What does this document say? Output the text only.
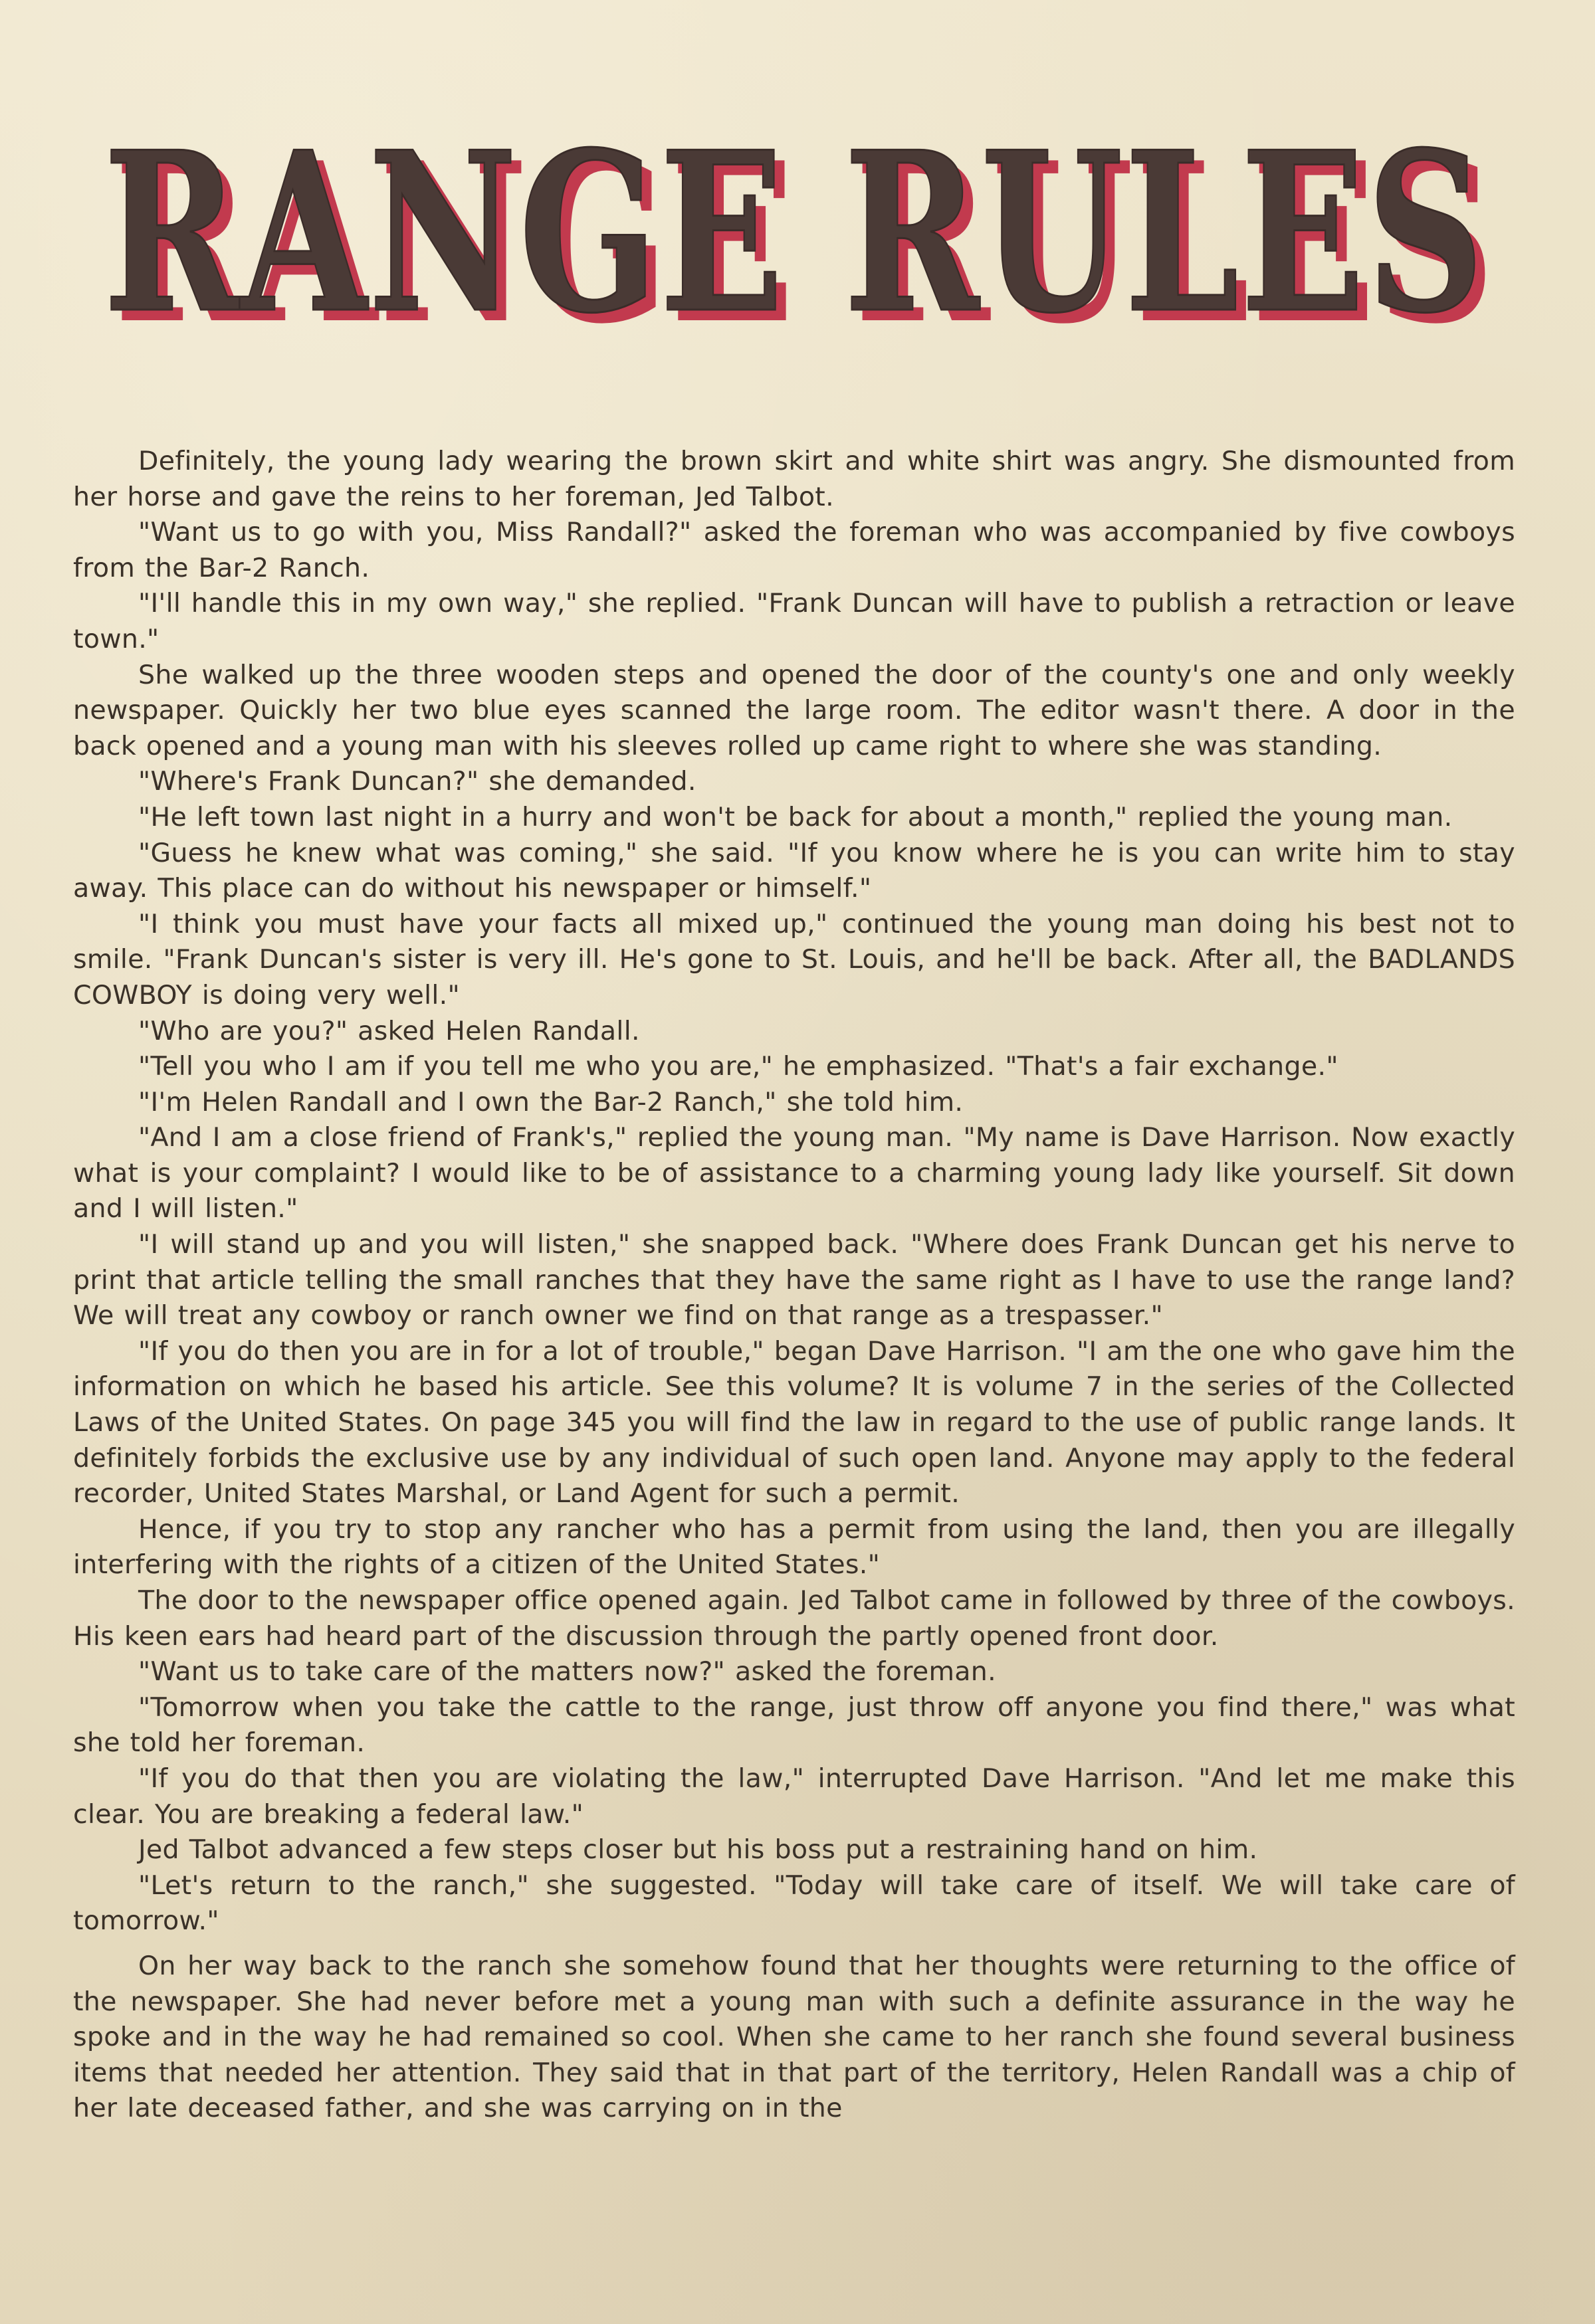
RANGE RULES
RANGE RULES

Definitely, the young lady wearing the brown skirt and white shirt was angry. She dismounted from her horse and gave the reins to her foreman, Jed Talbot.

"Want us to go with you, Miss Randall?" asked the foreman who was accompanied by five cowboys from the Bar-2 Ranch.

"I'll handle this in my own way," she replied. "Frank Duncan will have to publish a retraction or leave town."

She walked up the three wooden steps and opened the door of the county's one and only weekly newspaper. Quickly her two blue eyes scanned the large room. The editor wasn't there. A door in the back opened and a young man with his sleeves rolled up came right to where she was standing.

"Where's Frank Duncan?" she demanded.

"He left town last night in a hurry and won't be back for about a month," replied the young man.

"Guess he knew what was coming," she said. "If you know where he is you can write him to stay away. This place can do without his newspaper or himself."

"I think you must have your facts all mixed up," continued the young man doing his best not to smile. "Frank Duncan's sister is very ill. He's gone to St. Louis, and he'll be back. After all, the BADLANDS COWBOY is doing very well."

"Who are you?" asked Helen Randall.

"Tell you who I am if you tell me who you are," he emphasized. "That's a fair exchange."

"I'm Helen Randall and I own the Bar-2 Ranch," she told him.

"And I am a close friend of Frank's," replied the young man. "My name is Dave Harrison. Now exactly what is your complaint? I would like to be of assistance to a charming young lady like yourself. Sit down and I will listen."

"I will stand up and you will listen," she snapped back. "Where does Frank Duncan get his nerve to print that article telling the small ranches that they have the same right as I have to use the range land? We will treat any cowboy or ranch owner we find on that range as a trespasser."

"If you do then you are in for a lot of trouble," began Dave Harrison. "I am the one who gave him the information on which he based his article. See this volume? It is volume 7 in the series of the Collected Laws of the United States. On page 345 you will find the law in regard to the use of public range lands. It definitely forbids the exclusive use by any individual of such open land. Anyone may apply to the federal recorder, United States Marshal, or Land Agent for such a permit.

Hence, if you try to stop any rancher who has a permit from using the land, then you are illegally interfering with the rights of a citizen of the United States."

The door to the newspaper office opened again. Jed Talbot came in followed by three of the cowboys. His keen ears had heard part of the discussion through the partly opened front door.

"Want us to take care of the matters now?" asked the foreman.

"Tomorrow when you take the cattle to the range, just throw off anyone you find there," was what she told her foreman.

"If you do that then you are violating the law," interrupted Dave Harrison. "And let me make this clear. You are breaking a federal law."

Jed Talbot advanced a few steps closer but his boss put a restraining hand on him.

"Let's return to the ranch," she suggested. "Today will take care of itself. We will take care of tomorrow."

On her way back to the ranch she somehow found that her thoughts were returning to the office of the newspaper. She had never before met a young man with such a definite assurance in the way he spoke and in the way he had remained so cool. When she came to her ranch she found several business items that needed her attention. They said that in that part of the territory, Helen Randall was a chip of her late deceased father, and she was carrying on in the
